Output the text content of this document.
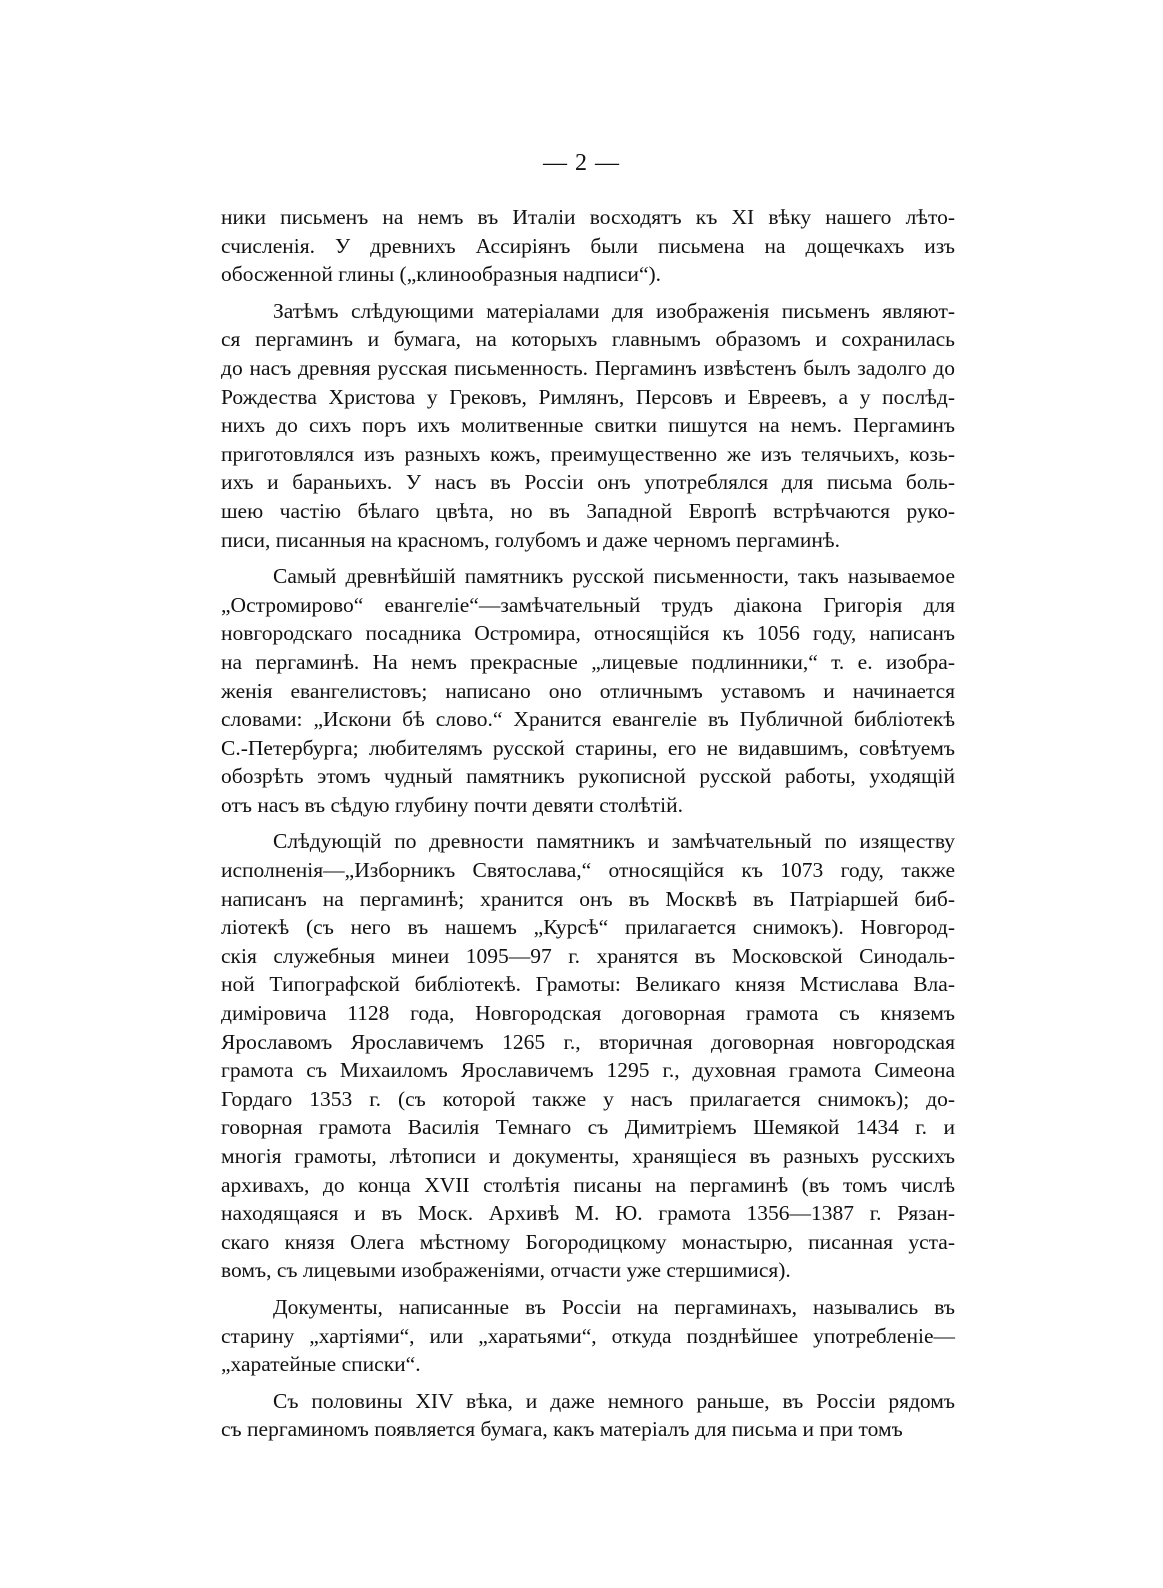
— 2 —
ники письменъ на немъ въ Италіи восходятъ къ XI вѣку нашего лѣто-
счисленія. У древнихъ Ассиріянъ были письмена на дощечкахъ изъ
обосженной глины („клинообразныя надписи“).
Затѣмъ слѣдующими матеріалами для изображенія письменъ являют-
ся пергаминъ и бумага, на которыхъ главнымъ образомъ и сохранилась
до насъ древняя русская письменность. Пергаминъ извѣстенъ былъ задолго до
Рождества Христова у Грековъ, Римлянъ, Персовъ и Евреевъ, а у послѣд-
нихъ до сихъ поръ ихъ молитвенные свитки пишутся на немъ. Пергаминъ
приготовлялся изъ разныхъ кожъ, преимущественно же изъ телячьихъ, козь-
ихъ и бараньихъ. У насъ въ Россіи онъ употреблялся для письма боль-
шею частію бѣлаго цвѣта, но въ Западной Европѣ встрѣчаются руко-
писи, писанныя на красномъ, голубомъ и даже черномъ пергаминѣ.
Самый древнѣйшій памятникъ русской письменности, такъ называемое
„Остромирово“ евангеліе“—замѣчательный трудъ діакона Григорія для
новгородскаго посадника Остромира, относящійся къ 1056 году, написанъ
на пергаминѣ. На немъ прекрасные „лицевые подлинники,“ т. е. изобра-
женія евангелистовъ; написано оно отличнымъ уставомъ и начинается
словами: „Искони бѣ слово.“ Хранится евангеліе въ Публичной библіотекѣ
С.-Петербурга; любителямъ русской старины, его не видавшимъ, совѣтуемъ
обозрѣть этомъ чудный памятникъ рукописной русской работы, уходящій
отъ насъ въ сѣдую глубину почти девяти столѣтій.
Слѣдующій по древности памятникъ и замѣчательный по изяществу
исполненія—„Изборникъ Святослава,“ относящійся къ 1073 году, также
написанъ на пергаминѣ; хранится онъ въ Москвѣ въ Патріаршей биб-
ліотекѣ (съ него въ нашемъ „Курсѣ“ прилагается снимокъ). Новгород-
скія служебныя минеи 1095—97 г. хранятся въ Московской Синодаль-
ной Типографской библіотекѣ. Грамоты: Великаго князя Мстислава Вла-
диміровича 1128 года, Новгородская договорная грамота съ княземъ
Ярославомъ Ярославичемъ 1265 г., вторичная договорная новгородская
грамота съ Михаиломъ Ярославичемъ 1295 г., духовная грамота Симеона
Гордаго 1353 г. (съ которой также у насъ прилагается снимокъ); до-
говорная грамота Василія Темнаго съ Димитріемъ Шемякой 1434 г. и
многія грамоты, лѣтописи и документы, хранящіеся въ разныхъ русскихъ
архивахъ, до конца XVII столѣтія писаны на пергаминѣ (въ томъ числѣ
находящаяся и въ Моск. Архивѣ М. Ю. грамота 1356—1387 г. Рязан-
скаго князя Олега мѣстному Богородицкому монастырю, писанная уста-
вомъ, съ лицевыми изображеніями, отчасти уже стершимися).
Документы, написанные въ Россіи на пергаминахъ, назывались въ
старину „хартіями“, или „харатьями“, откуда позднѣйшее употребленіе—
„харатейные списки“.
Съ половины XIV вѣка, и даже немного раньше, въ Россіи рядомъ
съ пергаминомъ появляется бумага, какъ матеріалъ для письма и при томъ
